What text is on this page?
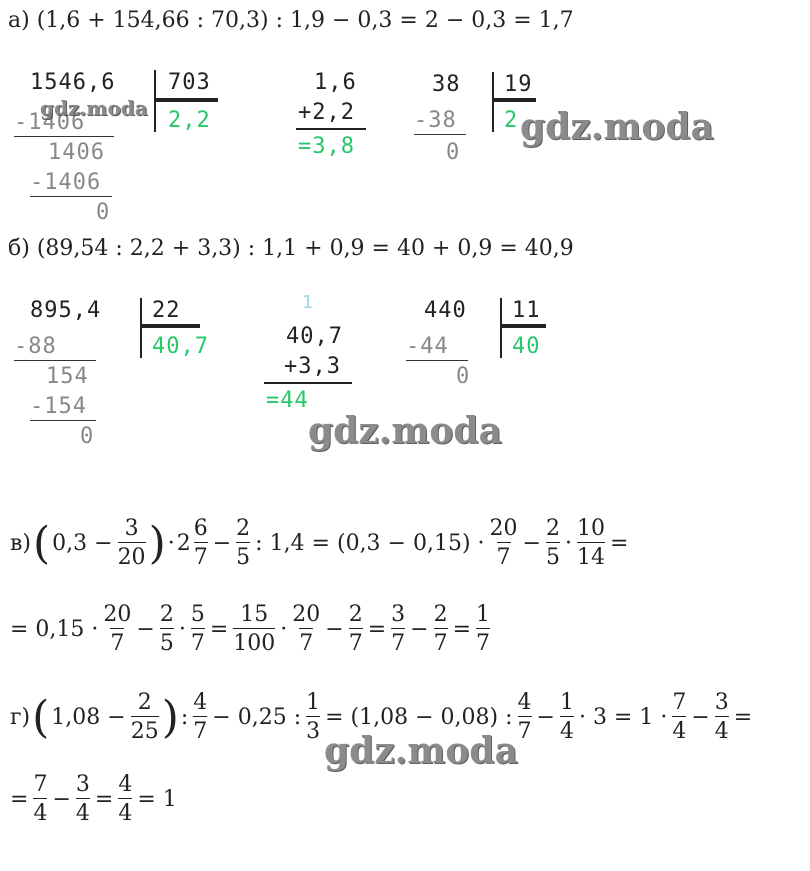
а) (1,6 + 154,66 : 70,3) : 1,9 − 0,3 = 2 − 0,3 = 1,7
1546,6 703
2,2
-1406
1406
-1406
0
1,6
+2,2
=3,8
38 19
2
-38
0
б) (89,54 : 2,2 + 3,3) : 1,1 + 0,9 = 40 + 0,9 = 40,9
895,4 22
40,7
-88
154
-154
0
1
40,7
+3,3
=44
440 11
40
-44
0
в) ( $0,3 - \frac{3}{20}$ ) · $2 \frac{6}{7} - \frac{2}{5}$ : $1,4 = (0,3 - 0,15) \cdot \frac{20}{7} - \frac{2}{5} \cdot \frac{10}{14}$ =
= $0,15 \cdot \frac{20}{7} - \frac{2}{5} \cdot \frac{5}{7} = \frac{15}{100} \cdot \frac{20}{7} - \frac{2}{7} = \frac{3}{7} - \frac{2}{7} = \frac{1}{7}$
г) ( $1,08 - \frac{2}{25}$ ) : $\frac{4}{7} - 0,25$ : $\frac{1}{3} = (1,08 - 0,08)$ : $\frac{4}{7} - \frac{1}{4} \cdot 3 = 1 \cdot \frac{7}{4} - \frac{3}{4}$ =
= $\frac{7}{4} - \frac{3}{4} = \frac{4}{4} = 1$
gdz.moda	gdz.moda
gdz.moda
gdz.moda
